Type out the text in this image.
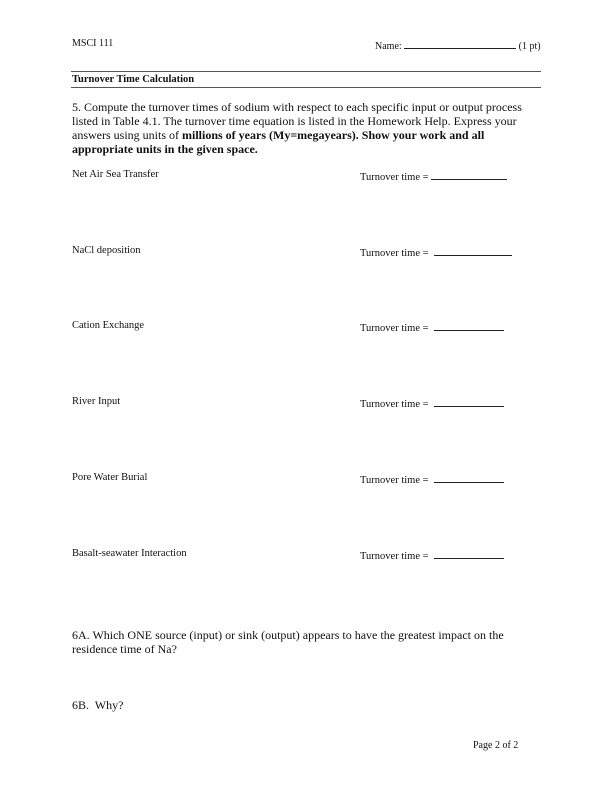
MSCI 111	Name:	(1 pt)
Turnover Time Calculation
5. Compute the turnover times of sodium with respect to each specific input or output process listed in Table 4.1. The turnover time equation is listed in the Homework Help. Express your answers using units of millions of years (My=megayears). Show your work and all appropriate units in the given space.
Net Air Sea Transfer	Turnover time =
NaCl deposition	Turnover time =
Cation Exchange	Turnover time =
River Input	Turnover time =
Pore Water Burial	Turnover time =
Basalt-seawater Interaction	Turnover time =
6A. Which ONE source (input) or sink (output) appears to have the greatest impact on the residence time of Na?
6B.  Why?
Page 2 of 2
